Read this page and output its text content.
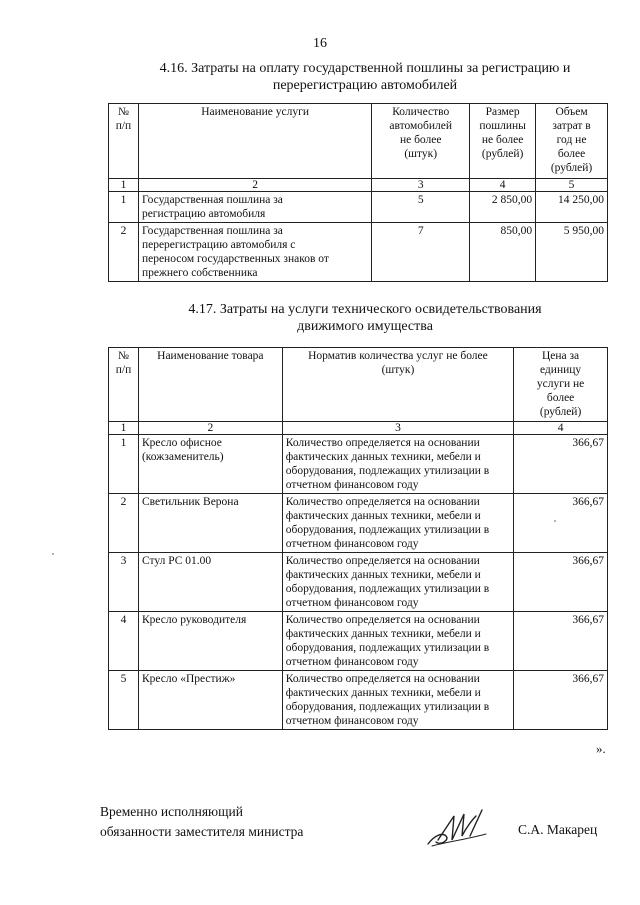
16
4.16. Затраты на оплату государственной пошлины за регистрацию и
перерегистрацию автомобилей
№
п/п	Наименование услуги	Количество
автомобилей
не более
(штук)	Размер
пошлины
не более
(рублей)	Объем
затрат в
год не
более
(рублей)
1	2	3	4	5
1	Государственная пошлина за
регистрацию автомобиля	5	2 850,00	14 250,00
2	Государственная пошлина за
перерегистрацию автомобиля с
переносом государственных знаков от
прежнего собственника	7	850,00	5 950,00
4.17. Затраты на услуги технического освидетельствования
движимого имущества
№
п/п	Наименование товара	Норматив количества услуг не более
(штук)	Цена за
единицу
услуги не
более
(рублей)
1	2	3	4
1	Кресло офисное
(кожзаменитель)	Количество определяется на основании
фактических данных техники, мебели и
оборудования, подлежащих утилизации в
отчетном финансовом году	366,67
2	Светильник Верона	Количество определяется на основании
фактических данных техники, мебели и
оборудования, подлежащих утилизации в
отчетном финансовом году	366,67
3	Стул РС 01.00	Количество определяется на основании
фактических данных техники, мебели и
оборудования, подлежащих утилизации в
отчетном финансовом году	366,67
4	Кресло руководителя	Количество определяется на основании
фактических данных техники, мебели и
оборудования, подлежащих утилизации в
отчетном финансовом году	366,67
5	Кресло «Престиж»	Количество определяется на основании
фактических данных техники, мебели и
оборудования, подлежащих утилизации в
отчетном финансовом году	366,67
».
Временно исполняющий
обязанности заместителя министра	С.А. Макарец
